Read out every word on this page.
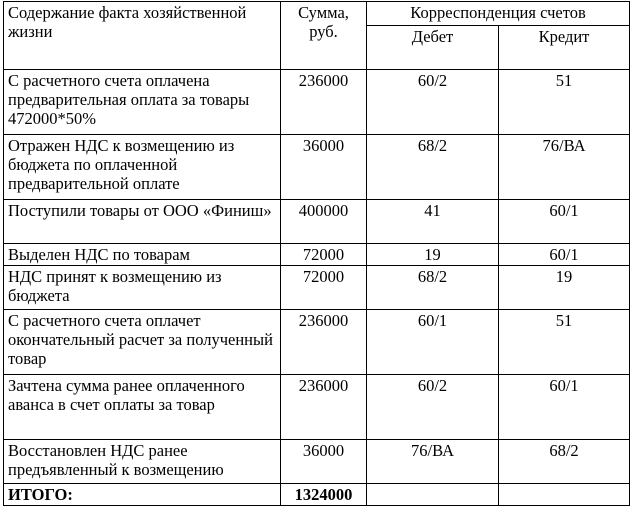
Содержание факта хозяйственной жизни	Сумма, руб.	Корреспонденция счетов	
		Дебет	Кредит
С расчетного счета оплачена предварительная оплата за товары 472000*50%	236000	60/2	51
Отражен НДС к возмещению из бюджета по оплаченной предварительной оплате	36000	68/2	76/ВА
Поступили товары от ООО «Финиш»	400000	41	60/1
Выделен НДС по товарам	72000	19	60/1
НДС принят к возмещению из бюджета	72000	68/2	19
С расчетного счета оплачет окончательный расчет за полученный товар	236000	60/1	51
Зачтена сумма ранее оплаченного аванса в счет оплаты за товар	236000	60/2	60/1
Восстановлен НДС ранее предъявленный к возмещению	36000	76/ВА	68/2
ИТОГО:	1324000		
